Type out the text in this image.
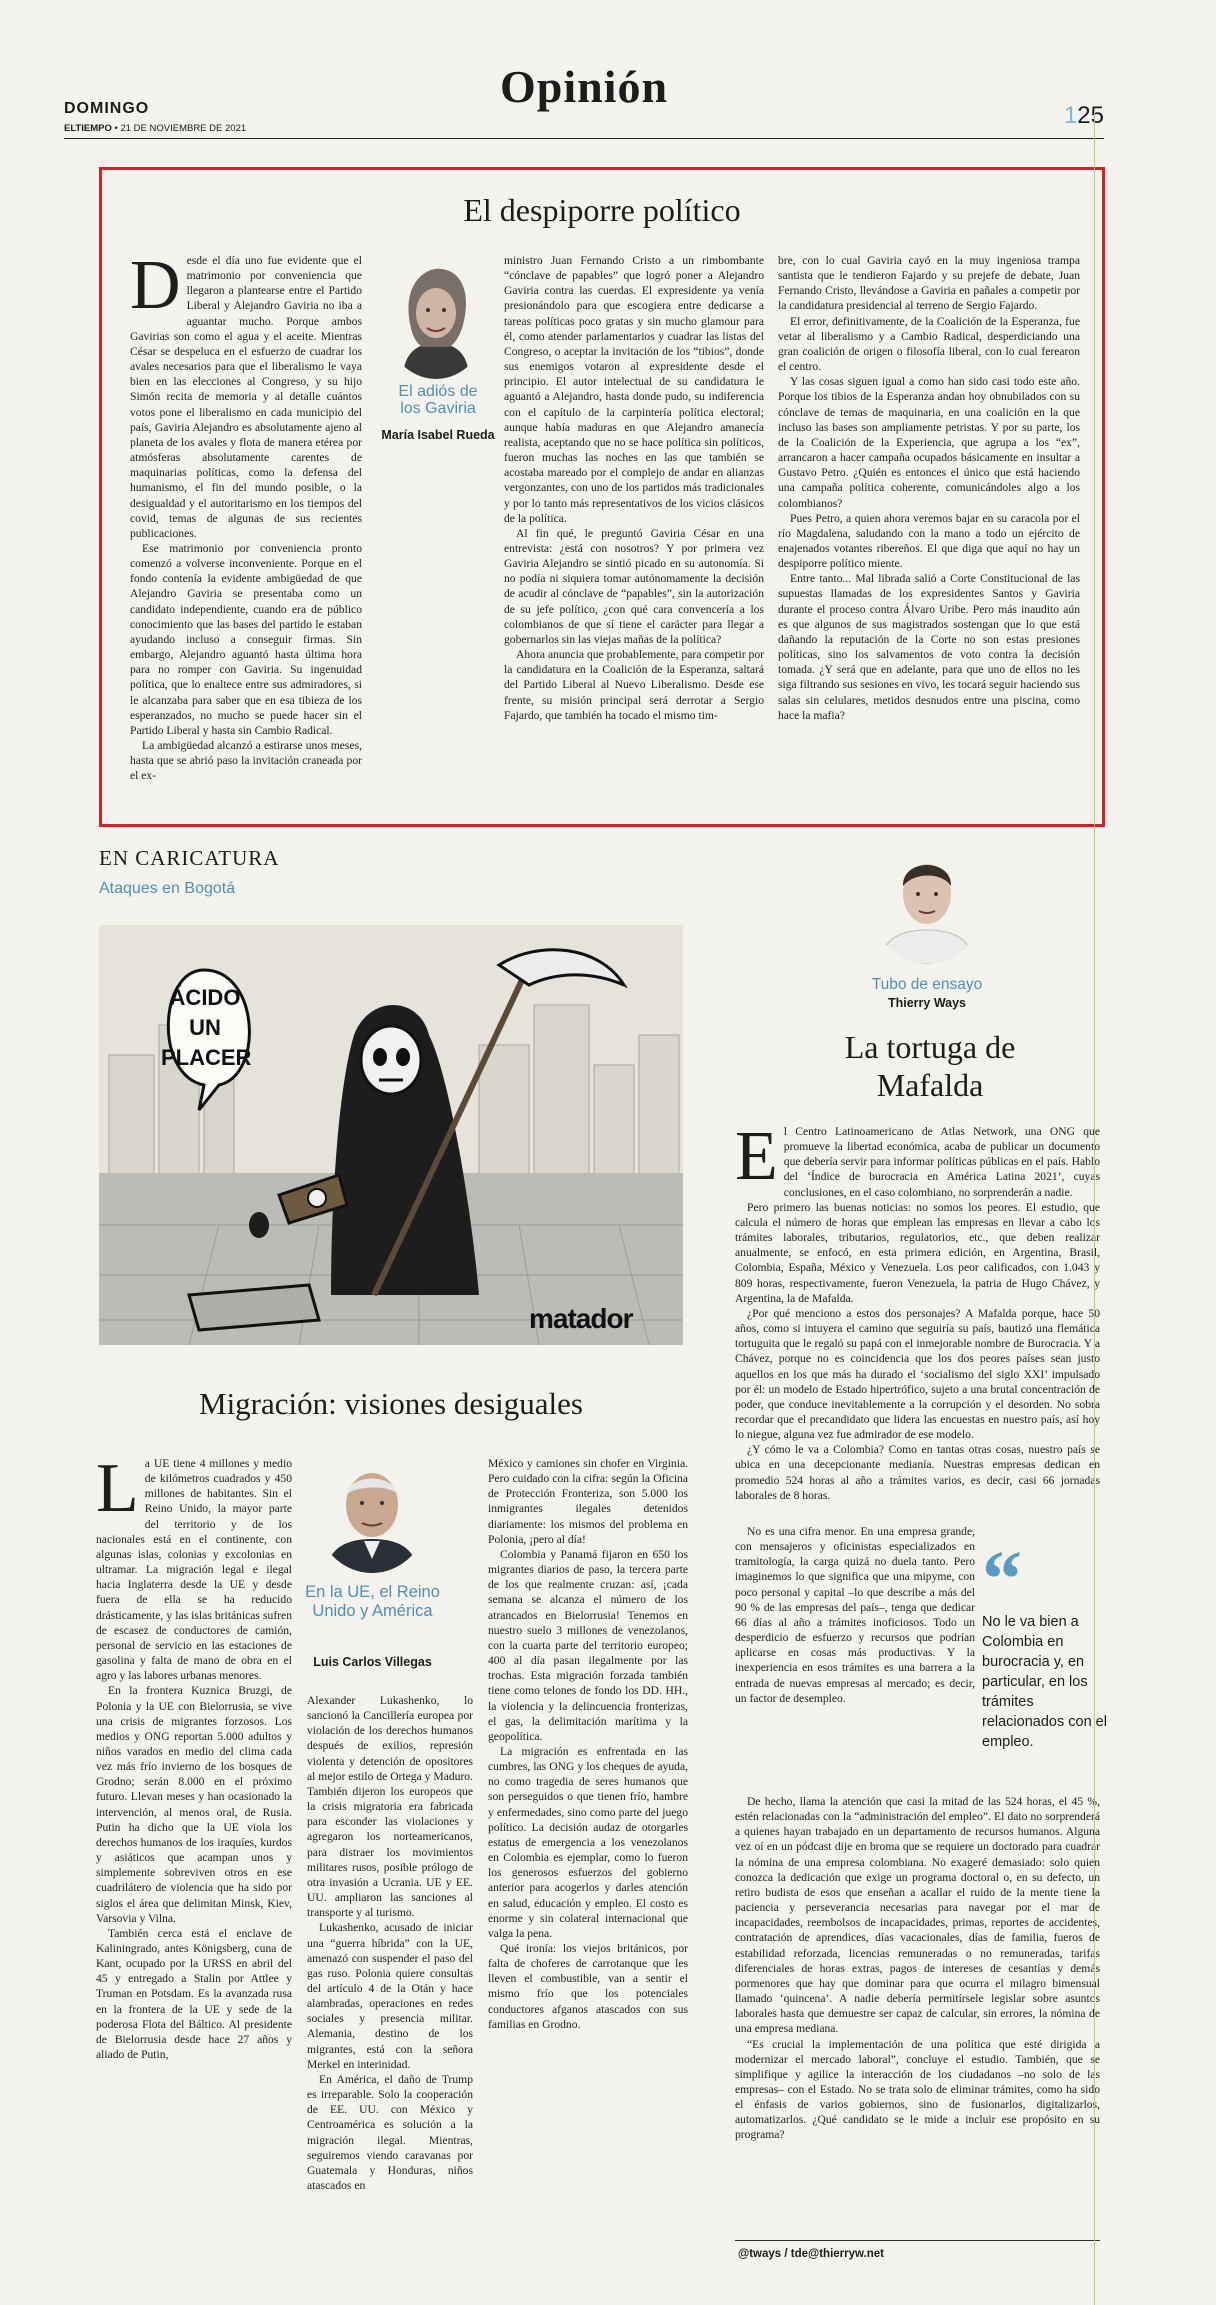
Opinión
DOMINGO
ELTIEMPO • 21 DE NOVIEMBRE DE 2021	125
El despiporre político

Desde el día uno fue evidente que el matrimonio por conveniencia que llegaron a plantearse entre el Partido Liberal y Alejandro Gaviria no iba a aguantar mucho. Porque ambos Gavirias son como el agua y el aceite. Mientras César se despelucа en el esfuerzo de cuadrar los avales necesarios para que el liberalismo le vaya bien en las elecciones al Congreso, y su hijo Simón recita de memoria y al detalle cuántos votos pone el liberalismo en cada municipio del país, Gaviria Alejandro es absolutamente ajeno al planeta de los avales y flota de manera etérea por atmósferas absolutamente carentes de maquinarias políticas, como la defensa del humanismo, el fin del mundo posible, o la desigualdad y el autoritarismo en los tiempos del covid, temas de algunas de sus recientes publicaciones.

Ese matrimonio por conveniencia pronto comenzó a volverse inconveniente. Porque en el fondo contenía la evidente ambigüedad de que Alejandro Gaviria se presentaba como un candidato independiente, cuando era de público conocimiento que las bases del partido le estaban ayudando incluso a conseguir firmas. Sin embargo, Alejandro aguantó hasta última hora para no romper con Gaviria. Su ingenuidad política, que lo enaltece entre sus admiradores, si le alcanzaba para saber que en esa tibieza de los esperanzados, no mucho se puede hacer sin el Partido Liberal y hasta sin Cambio Radical.

La ambigüedad alcanzó a estirarse unos meses, hasta que se abrió paso la invitación craneada por el ex-

El adiós de los Gaviria
María Isabel Rueda

ministro Juan Fernando Cristo a un rimbombante “cónclave de papables” que logró poner a Alejandro Gaviria contra las cuerdas. El expresidente ya venía presionándolo para que escogiera entre dedicarse a tareas políticas poco gratas y sin mucho glamour para él, como atender parlamentarios y cuadrar las listas del Congreso, o aceptar la invitación de los “tibios”, donde sus enemigos votaron al expresidente desde el principio. El autor intelectual de su candidatura le aguantó a Alejandro, hasta donde pudo, su indiferencia con el capítulo de la carpintería política electoral; aunque había maduras en que Alejandro amanecía realista, aceptando que no se hace política sin políticos, fueron muchas las noches en las que también se acostaba mareado por el complejo de andar en alianzas vergonzantes, con uno de los partidos más tradicionales y por lo tanto más representativos de los vicios clásicos de la política.

Al fin qué, le preguntó Gaviria César en una entrevista: ¿está con nosotros? Y por primera vez Gaviria Alejandro se sintió picado en su autonomía. Si no podía ni siquiera tomar autónomamente la decisión de acudir al cónclave de “papables”, sin la autorización de su jefe político, ¿con qué cara convencería a los colombianos de que sí tiene el carácter para llegar a gobernarlos sin las viejas mañas de la política?

Ahora anuncia que probablemente, para competir por la candidatura en la Coalición de la Esperanza, saltará del Partido Liberal al Nuevo Liberalismo. Desde ese frente, su misión principal será derrotar a Sergio Fajardo, que también ha tocado el mismo tim-

bre, con lo cual Gaviria cayó en la muy ingeniosa trampa santista que le tendieron Fajardo y su prejefe de debate, Juan Fernando Cristo, llevándose a Gaviria en pañales a competir por la candidatura presidencial al terreno de Sergio Fajardo.

El error, definitivamente, de la Coalición de la Esperanza, fue vetar al liberalismo y a Cambio Radical, desperdiciando una gran coalición de origen o filosofía liberal, con lo cual ferearon el centro.

Y las cosas siguen igual a como han sido casi todo este año. Porque los tibios de la Esperanza andan hoy obnubilados con su cónclave de temas de maquinaria, en una coalición en la que incluso las bases son ampliamente petristas. Y por su parte, los de la Coalición de la Experiencia, que agrupa a los “ex”, arrancaron a hacer campaña ocupados básicamente en insultar a Gustavo Petro. ¿Quién es entonces el único que está haciendo una campaña política coherente, comunicándoles algo a los colombianos?

Pues Petro, a quien ahora veremos bajar en su caracola por el río Magdalena, saludando con la mano a todo un ejército de enajenados votantes ribereños. El que diga que aquí no hay un despiporre político miente.

Entre tanto... Mal librada salió a Corte Constitucional de las supuestas llamadas de los expresidentes Santos y Gaviria durante el proceso contra Álvaro Uribe. Pero más inaudito aún es que algunos de sus magistrados sostengan que lo que está dañando la reputación de la Corte no son estas presiones políticas, sino los salvamentos de voto contra la decisión tomada. ¿Y será que en adelante, para que uno de ellos no les siga filtrando sus sesiones en vivo, les tocará seguir haciendo sus salas sin celulares, metidos desnudos entre una piscina, como hace la mafia?

EN CARICATURA
Ataques en Bogotá
ÁCIDO UN PLACER
matador
Migración: visiones desiguales

La UE tiene 4 millones y medio de kilómetros cuadrados y 450 millones de habitantes. Sin el Reino Unido, la mayor parte del territorio y de los nacionales está en el continente, con algunas islas, colonias y excolonias en ultramar. La migración legal e ilegal hacia Inglaterra desde la UE y desde fuera de ella se ha reducido drásticamente, y las islas británicas sufren de escasez de conductores de camión, personal de servicio en las estaciones de gasolina y falta de mano de obra en el agro y las labores urbanas menores.

En la frontera Kuznica Bruzgi, de Polonia y la UE con Bielorrusia, se vive una crisis de migrantes forzosos. Los medios y ONG reportan 5.000 adultos y niños varados en medio del clima cada vez más frío invierno de los bosques de Grodno; serán 8.000 en el próximo futuro. Llevan meses y han ocasionado la intervención, al menos oral, de Rusia. Putin ha dicho que la UE viola los derechos humanos de los iraquíes, kurdos y asiáticos que acampan unos y simplemente sobreviven otros en ese cuadrilátero de violencia que ha sido por siglos el área que delimitan Minsk, Kiev, Varsovia y Vilna.

También cerca está el enclave de Kaliningrado, antes Königsberg, cuna de Kant, ocupado por la URSS en abril del 45 y entregado a Stalin por Attlee y Truman en Potsdam. Es la avanzada rusa en la frontera de la UE y sede de la poderosa Flota del Báltico. Al presidente de Bielorrusia desde hace 27 años y aliado de Putin,

En la UE, el Reino Unido y América
Luis Carlos Villegas

Alexander Lukashenko, lo sancionó la Cancillería europea por violación de los derechos humanos después de exilios, represión violenta y detención de opositores al mejor estilo de Ortega y Maduro. También dijeron los europeos que la crisis migratoria era fabricada para esconder las violaciones y agregaron los norteamericanos, para distraer los movimientos militares rusos, posible prólogo de otra invasión a Ucrania. UE y EE. UU. ampliaron las sanciones al transporte y al turismo.

Lukashenko, acusado de iniciar una “guerra híbrida” con la UE, amenazó con suspender el paso del gas ruso. Polonia quiere consultas del artículo 4 de la Otán y hace alambradas, operaciones en redes sociales y presencia militar. Alemania, destino de los migrantes, está con la señora Merkel en interinidad.

En América, el daño de Trump es irreparable. Solo la cooperación de EE. UU. con México y Centroamérica es solución a la migración ilegal. Mientras, seguiremos viendo caravanas por Guatemala y Honduras, niños atascados en

México y camiones sin chofer en Virginia. Pero cuidado con la cifra: según la Oficina de Protección Fronteriza, son 5.000 los inmigrantes ilegales detenidos diariamente: los mismos del problema en Polonia, ¡pero al día!

Colombia y Panamá fijaron en 650 los migrantes diarios de paso, la tercera parte de los que realmente cruzan: así, ¡cada semana se alcanza el número de los atrancados en Bielorrusia! Tenemos en nuestro suelo 3 millones de venezolanos, con la cuarta parte del territorio europeo; 400 al día pasan ilegalmente por las trochas. Esta migración forzada también tiene como telones de fondo los DD. HH., la violencia y la delincuencia fronterizas, el gas, la delimitación marítima y la geopolítica.

La migración es enfrentada en las cumbres, las ONG y los cheques de ayuda, no como tragedia de seres humanos que son perseguidos o que tienen frío, hambre y enfermedades, sino como parte del juego político. La decisión audaz de otorgarles estatus de emergencia a los venezolanos en Colombia es ejemplar, como lo fueron los generosos esfuerzos del gobierno anterior para acogerlos y darles atención en salud, educación y empleo. El costo es enorme y sin colateral internacional que valga la pena.

Qué ironía: los viejos británicos, por falta de choferes de carrotanque que les lleven el combustible, van a sentir el mismo frío que los potenciales conductores afganos atascados con sus familias en Grodno.

Tubo de ensayo
Thierry Ways
La tortuga de Mafalda

El Centro Latinoamericano de Atlas Network, una ONG que promueve la libertad económica, acaba de publicar un documento que debería servir para informar políticas públicas en el país. Hablo del ‘Índice de burocracia en América Latina 2021’, cuyas conclusiones, en el caso colombiano, no sorprenderán a nadie.

Pero primero las buenas noticias: no somos los peores. El estudio, que calcula el número de horas que emplean las empresas en llevar a cabo los trámites laborales, tributarios, regulatorios, etc., que deben realizar anualmente, se enfocó, en esta primera edición, en Argentina, Brasil, Colombia, España, México y Venezuela. Los peor calificados, con 1.043 y 809 horas, respectivamente, fueron Venezuela, la patria de Hugo Chávez, y Argentina, la de Mafalda.

¿Por qué menciono a estos dos personajes? A Mafalda porque, hace 50 años, como si intuyera el camino que seguiría su país, bautizó una flemática tortuguita que le regaló su papá con el inmejorable nombre de Burocracia. Y a Chávez, porque no es coincidencia que los dos peores países sean justo aquellos en los que más ha durado el ‘socialismo del siglo XXI’ impulsado por él: un modelo de Estado hipertrófico, sujeto a una brutal concentración de poder, que conduce inevitablemente a la corrupción y el desorden. No sobra recordar que el precandidato que lidera las encuestas en nuestro país, así hoy lo niegue, alguna vez fue admirador de ese modelo.

¿Y cómo le va a Colombia? Como en tantas otras cosas, nuestro país se ubica en una decepcionante medianía. Nuestras empresas dedican en promedio 524 horas al año a trámites varios, es decir, casi 66 jornadas laborales de 8 horas.

No es una cifra menor. En una empresa grande, con mensajeros y oficinistas especializados en tramitología, la carga quizá no duela tanto. Pero imaginemos lo que significa que una mipyme, con poco personal y capital –lo que describe a más del 90 % de las empresas del país–, tenga que dedicar 66 días al año a trámites inoficiosos. Todo un desperdicio de esfuerzo y recursos que podrían aplicarse en cosas más productivas. Y la inexperiencia en esos trámites es una barrera a la entrada de nuevas empresas al mercado; es decir, un factor de desempleo.

“
No le va bien a Colombia en burocracia y, en particular, en los trámites relacionados con el empleo.

De hecho, llama la atención que casi la mitad de las 524 horas, el 45 %, estén relacionadas con la “administración del empleo”. El dato no sorprenderá a quienes hayan trabajado en un departamento de recursos humanos. Alguna vez oí en un pódcast dije en broma que se requiere un doctorado para cuadrar la nómina de una empresa colombiana. No exageré demasiado: solo quien conozca la dedicación que exige un programa doctoral o, en su defecto, un retiro budista de esos que enseñan a acallar el ruido de la mente tiene la paciencia y perseverancia necesarias para navegar por el mar de incapacidades, reembolsos de incapacidades, primas, reportes de accidentes, contratación de aprendices, días vacacionales, días de familia, fueros de estabilidad reforzada, licencias remuneradas o no remuneradas, tarifas diferenciales de horas extras, pagos de intereses de cesantías y demás pormenores que hay que dominar para que ocurra el milagro bimensual llamado ‘quincena’. A nadie debería permitírsele legislar sobre asuntos laborales hasta que demuestre ser capaz de calcular, sin errores, la nómina de una empresa mediana.

“Es crucial la implementación de una política que esté dirigida a modernizar el mercado laboral”, concluye el estudio. También, que se simplifique y agilice la interacción de los ciudadanos –no solo de las empresas– con el Estado. No se trata solo de eliminar trámites, como ha sido el énfasis de varios gobiernos, sino de fusionarlos, digitalizarlos, automatizarlos. ¿Qué candidato se le mide a incluir ese propósito en su programa?

@tways / tde@thierryw.net
